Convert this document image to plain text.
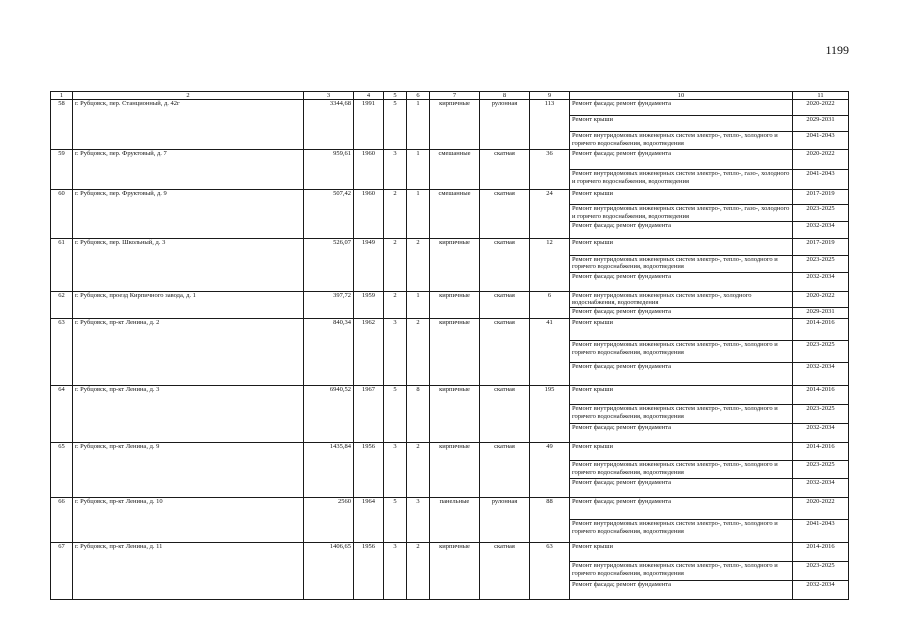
1199
1	2	3	4	5	6	7	8	9	10	11
58	г. Рубцовск, пер. Станционный, д. 42г	3344,68	1991	5	1	кирпичные	рулонная	113	Ремонт фасада; ремонт фундамента	2020-2022
									Ремонт крыши	2029-2031
									Ремонт внутридомовых инженерных систем электро-, тепло-, холодного и горячего водоснабжения, водоотведения	2041-2043
59	г. Рубцовск, пер. Фруктовый, д. 7	959,61	1960	3	1	смешанные	скатная	36	Ремонт фасада; ремонт фундамента	2020-2022
									Ремонт внутридомовых инженерных систем электро-, тепло-, газо-, холодного и горячего водоснабжения, водоотведения	2041-2043
60	г. Рубцовск, пер. Фруктовый, д. 9	507,42	1960	2	1	смешанные	скатная	24	Ремонт крыши	2017-2019
									Ремонт внутридомовых инженерных систем электро-, тепло-, газо-, холодного и горячего водоснабжения, водоотведения	2023-2025
									Ремонт фасада; ремонт фундамента	2032-2034
61	г. Рубцовск, пер. Школьный, д. 3	526,07	1949	2	2	кирпичные	скатная	12	Ремонт крыши	2017-2019
									Ремонт внутридомовых инженерных систем электро-, тепло-, холодного и горячего водоснабжения, водоотведения	2023-2025
									Ремонт фасада; ремонт фундамента	2032-2034
62	г. Рубцовск, проезд Кирпичного завода, д. 1	397,72	1959	2	1	кирпичные	скатная	6	Ремонт внутридомовых инженерных систем электро-, холодного водоснабжения, водоотведения	2020-2022
									Ремонт фасада; ремонт фундамента	2029-2031
63	г. Рубцовск, пр-кт Ленина, д. 2	840,34	1962	3	2	кирпичные	скатная	41	Ремонт крыши	2014-2016
									Ремонт внутридомовых инженерных систем электро-, тепло-, холодного и горячего водоснабжения, водоотведения	2023-2025
									Ремонт фасада; ремонт фундамента	2032-2034
64	г. Рубцовск, пр-кт Ленина, д. 3	6940,52	1967	5	8	кирпичные	скатная	195	Ремонт крыши	2014-2016
									Ремонт внутридомовых инженерных систем электро-, тепло-, холодного и горячего водоснабжения, водоотведения	2023-2025
									Ремонт фасада; ремонт фундамента	2032-2034
65	г. Рубцовск, пр-кт Ленина, д. 9	1435,84	1956	3	2	кирпичные	скатная	49	Ремонт крыши	2014-2016
									Ремонт внутридомовых инженерных систем электро-, тепло-, холодного и горячего водоснабжения, водоотведения	2023-2025
									Ремонт фасада; ремонт фундамента	2032-2034
66	г. Рубцовск, пр-кт Ленина, д. 10	2560	1964	5	3	панельные	рулонная	88	Ремонт фасада; ремонт фундамента	2020-2022
									Ремонт внутридомовых инженерных систем электро-, тепло-, холодного и горячего водоснабжения, водоотведения	2041-2043
67	г. Рубцовск, пр-кт Ленина, д. 11	1406,65	1956	3	2	кирпичные	скатная	63	Ремонт крыши	2014-2016
									Ремонт внутридомовых инженерных систем электро-, тепло-, холодного и горячего водоснабжения, водоотведения	2023-2025
									Ремонт фасада; ремонт фундамента	2032-2034
